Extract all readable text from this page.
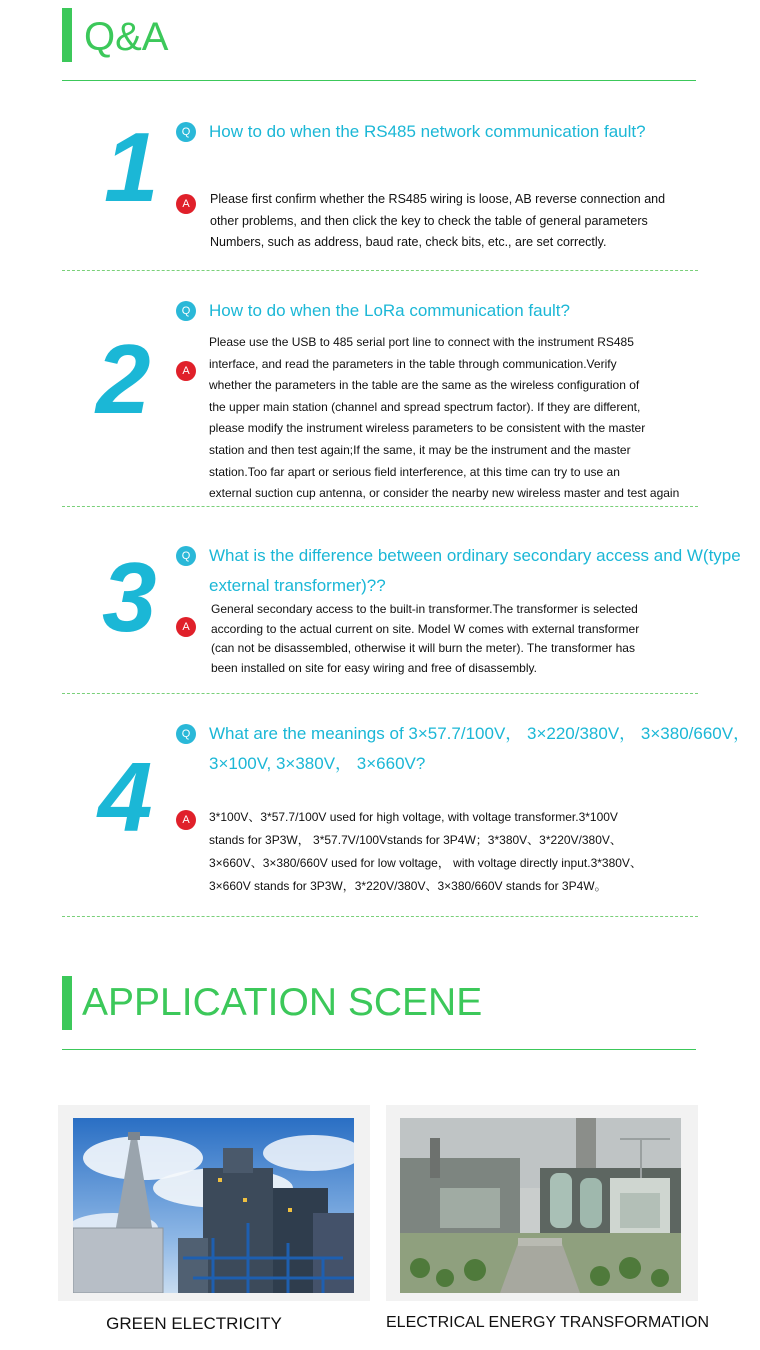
Q&A
1	Q	How to do when the RS485 network communication fault?
A	Please first confirm whether the RS485 wiring is loose, AB reverse connection and
other problems, and then click the key to check the table of general parameters
Numbers, such as address, baud rate, check bits, etc., are set correctly.
2
Q	How to do when the LoRa communication fault?
A
Please use the USB to 485 serial port line to connect with the instrument RS485
interface, and read the parameters in the table through communication.Verify
whether the parameters in the table are the same as the wireless configuration of
the upper main station (channel and spread spectrum factor). If they are different,
please modify the instrument wireless parameters to be consistent with the master
station and then test again;If the same, it may be the instrument and the master
station.Too far apart or serious field interference, at this time can try to use an
external suction cup antenna, or consider the nearby new wireless master and test again
3	Q	What is the difference between ordinary secondary access and W(type external transformer)??
A
General secondary access to the built-in transformer.The transformer is selected
according to the actual current on site. Model W comes with external transformer
(can not be disassembled, otherwise it will burn the meter). The transformer has
been installed on site for easy wiring and free of disassembly.
4
Q	What are the meanings of 3×57.7/100V， 3×220/380V， 3×380/660V， 3×100V, 3×380V， 3×660V?
A	3*100V、3*57.7/100V used for high voltage, with voltage transformer.3*100V
stands for 3P3W， 3*57.7V/100Vstands for 3P4W；3*380V、3*220V/380V、
3×660V、3×380/660V used for low voltage， with voltage directly input.3*380V、
3×660V stands for 3P3W，3*220V/380V、3×380/660V stands for 3P4W。
APPLICATION SCENE
GREEN ELECTRICITY	ELECTRICAL ENERGY TRANSFORMATION
